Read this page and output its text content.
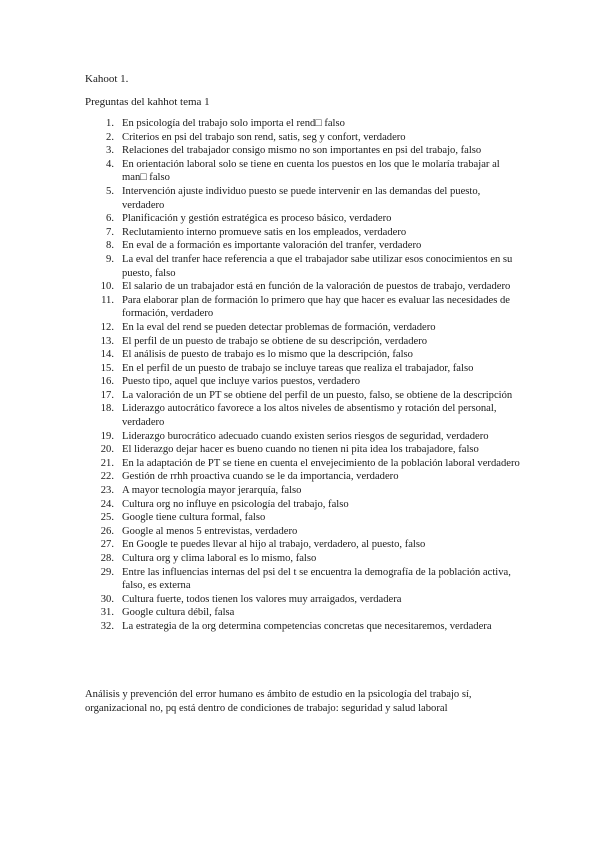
Kahoot 1.
Preguntas del kahhot tema 1
1. En psicología del trabajo solo importa el rend□ falso
2. Criterios en psi del trabajo son rend, satis, seg y confort, verdadero
3. Relaciones del trabajador consigo mismo no son importantes en psi del trabajo, falso
4. En orientación laboral solo se tiene en cuenta los puestos en los que le molaría trabajar al man□ falso
5. Intervención ajuste individuo puesto se puede intervenir en las demandas del puesto, verdadero
6. Planificación y gestión estratégica es proceso básico, verdadero
7. Reclutamiento interno promueve satis en los empleados, verdadero
8. En eval de a formación es importante valoración del tranfer, verdadero
9. La eval del tranfer hace referencia a que el trabajador sabe utilizar esos conocimientos en su puesto, falso
10. El salario de un trabajador está en función de la valoración de puestos de trabajo, verdadero
11. Para elaborar plan de formación lo primero que hay que hacer es evaluar las necesidades de formación, verdadero
12. En la eval del rend se pueden detectar problemas de formación, verdadero
13. El perfil de un puesto de trabajo se obtiene de su descripción, verdadero
14. El análisis de puesto de trabajo es lo mismo que la descripción, falso
15. En el perfil de un puesto de trabajo se incluye tareas que realiza el trabajador, falso
16. Puesto tipo, aquel que incluye varios puestos, verdadero
17. La valoración de un PT se obtiene del perfil de un puesto, falso, se obtiene de la descripción
18. Liderazgo autocrático favorece a los altos niveles de absentismo y rotación del personal, verdadero
19. Liderazgo burocrático adecuado cuando existen serios riesgos de seguridad, verdadero
20. El liderazgo dejar hacer es bueno cuando no tienen ni pita idea los trabajadore, falso
21. En la adaptación de PT se tiene en cuenta el envejecimiento de la población laboral verdadero
22. Gestión de rrhh proactiva cuando se le da importancia, verdadero
23. A mayor tecnología mayor jerarquía, falso
24. Cultura org no influye en psicología del trabajo, falso
25. Google tiene cultura formal, falso
26. Google al menos 5 entrevistas, verdadero
27. En Google te puedes llevar al hijo al trabajo, verdadero, al puesto, falso
28. Cultura org y clima laboral es lo mismo, falso
29. Entre las influencias internas del psi del t se encuentra la demografía de la población activa, falso, es externa
30. Cultura fuerte, todos tienen los valores muy arraigados, verdadera
31. Google cultura débil, falsa
32. La estrategia de la org determina competencias concretas que necesitaremos, verdadera
Análisis y prevención del error humano es ámbito de estudio en la psicología del trabajo sí, organizacional no, pq está dentro de condiciones de trabajo: seguridad y salud laboral
